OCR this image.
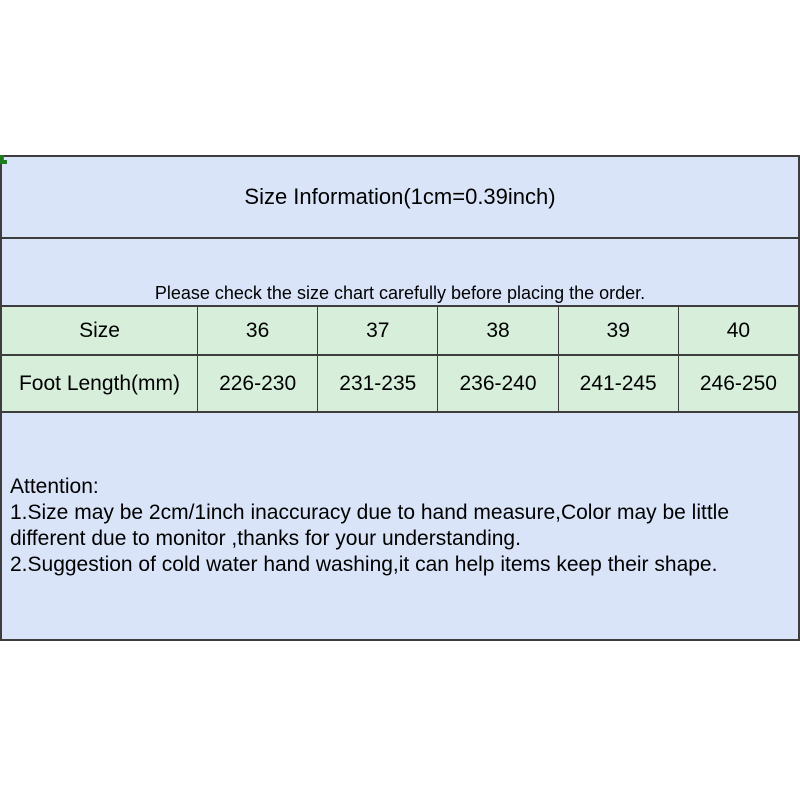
Size Information(1cm=0.39inch)
Please check the size chart carefully before placing the order.
Size	36	37	38	39	40
Foot Length(mm)	226-230	231-235	236-240	241-245	246-250
Attention:
1.Size may be 2cm/1inch inaccuracy due to hand measure,Color may be little
different due to monitor ,thanks for your understanding.
2.Suggestion of cold water hand washing,it can help items keep their shape.
